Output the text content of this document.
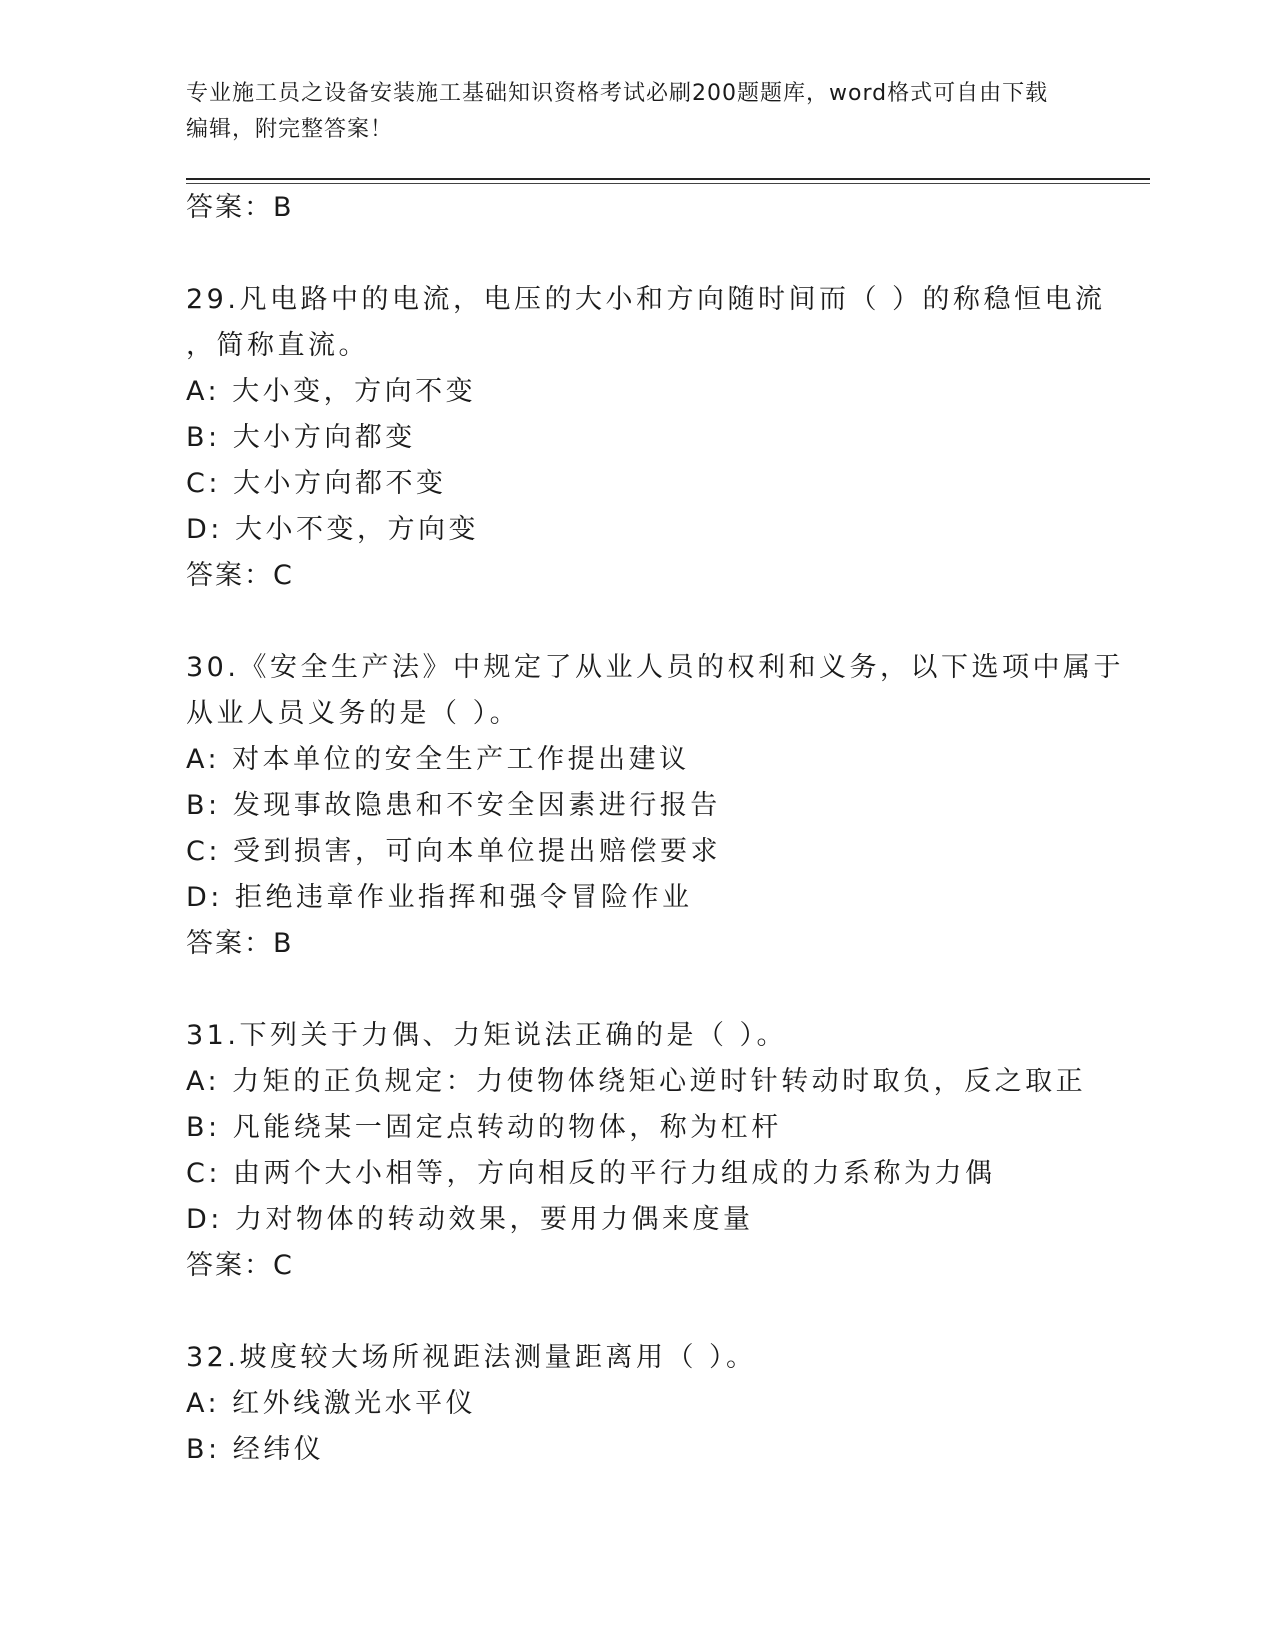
专业施工员之设备安装施工基础知识资格考试必刷200题题库，word格式可自由下载编辑，附完整答案！
答案：B
29.凡电路中的电流，电压的大小和方向随时间而（ ）的称稳恒电流
，简称直流。
A: 大小变，方向不变
B: 大小方向都变
C: 大小方向都不变
D: 大小不变，方向变
答案：C
30.《安全生产法》中规定了从业人员的权利和义务，以下选项中属于
从业人员义务的是（ ）。
A: 对本单位的安全生产工作提出建议
B: 发现事故隐患和不安全因素进行报告
C: 受到损害，可向本单位提出赔偿要求
D: 拒绝违章作业指挥和强令冒险作业
答案：B
31.下列关于力偶、力矩说法正确的是（ ）。
A: 力矩的正负规定：力使物体绕矩心逆时针转动时取负，反之取正
B: 凡能绕某一固定点转动的物体，称为杠杆
C: 由两个大小相等，方向相反的平行力组成的力系称为力偶
D: 力对物体的转动效果，要用力偶来度量
答案：C
32.坡度较大场所视距法测量距离用（ ）。
A: 红外线激光水平仪
B: 经纬仪
